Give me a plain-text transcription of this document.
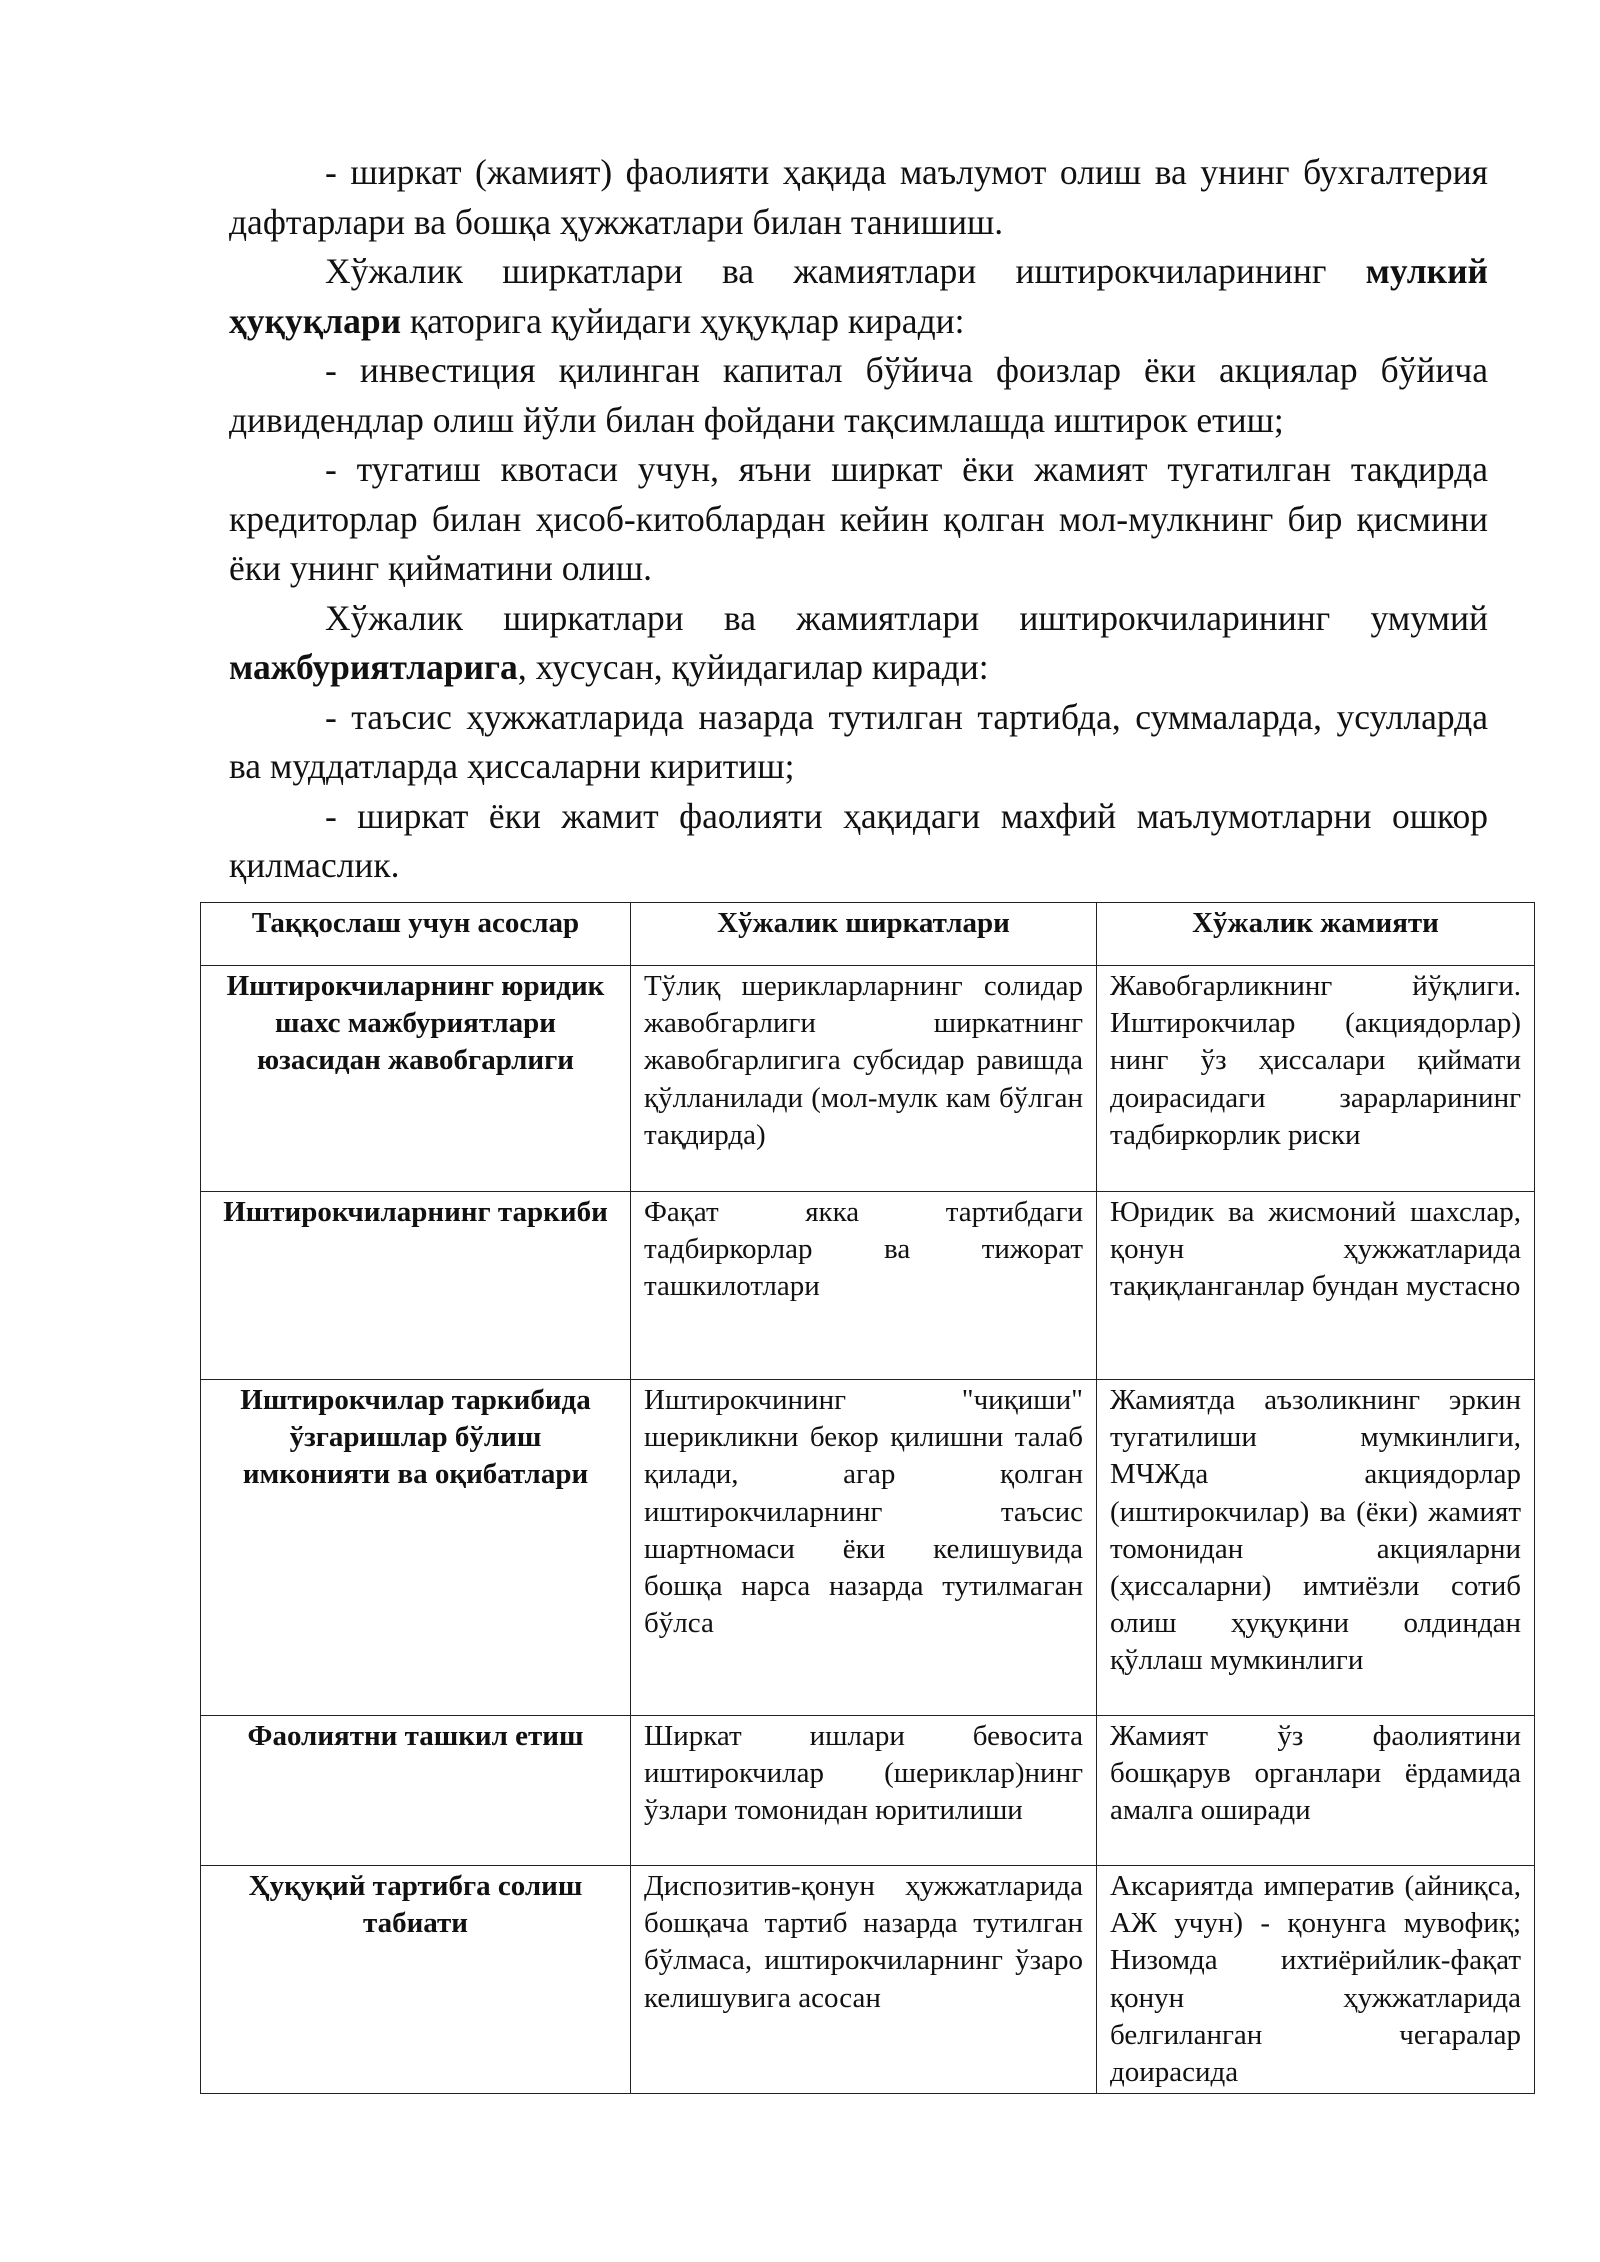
- ширкат (жамият) фаолияти ҳақида маълумот олиш ва унинг бухгалтерия дафтарлари ва бошқа ҳужжатлари билан танишиш.

Хўжалик ширкатлари ва жамиятлари иштирокчиларининг мулкий ҳуқуқлари қаторига қуйидаги ҳуқуқлар киради:

- инвестиция қилинган капитал бўйича фоизлар ёки акциялар бўйича дивидендлар олиш йўли билан фойдани тақсимлашда иштирок етиш;

- тугатиш квотаси учун, яъни ширкат ёки жамият тугатилган тақдирда кредиторлар билан ҳисоб-китоблардан кейин қолган мол-мулкнинг бир қисмини ёки унинг қийматини олиш.

Хўжалик ширкатлари ва жамиятлари иштирокчиларининг умумий мажбуриятларига, хусусан, қуйидагилар киради:

- таъсис ҳужжатларида назарда тутилган тартибда, суммаларда, усулларда ва муддатларда ҳиссаларни киритиш;

- ширкат ёки жамит фаолияти ҳақидаги махфий маълумотларни ошкор қилмаслик.

Таққослаш учун асослар	Хўжалик ширкатлари	Хўжалик жамияти
Иштирокчиларнинг юридик шахс мажбуриятлари юзасидан жавобгарлиги	Тўлиқ шерикларларнинг солидар жавобгарлиги ширкатнинг жавобгарлигига субсидар равишда қўлланилади (мол-мулк кам бўлган тақдирда)	Жавобгарликнинг йўқлиги. Иштирокчилар (акциядорлар) нинг ўз ҳиссалари қиймати доирасидаги зарарларининг тадбиркорлик риски
Иштирокчиларнинг таркиби	Фақат якка тартибдаги тадбиркорлар ва тижорат ташкилотлари	Юридик ва жисмоний шахслар, қонун ҳужжатларида тақиқланганлар бундан мустасно
Иштирокчилар таркибида ўзгаришлар бўлиш имконияти ва оқибатлари	Иштирокчининг "чиқиши" шерикликни бекор қилишни талаб қилади, агар қолган иштирокчиларнинг таъсис шартномаси ёки келишувида бошқа нарса назарда тутилмаган бўлса	Жамиятда аъзоликнинг эркин тугатилиши мумкинлиги, МЧЖда акциядорлар (иштирокчилар) ва (ёки) жамият томонидан акцияларни (ҳиссаларни) имтиёзли сотиб олиш ҳуқуқини олдиндан қўллаш мумкинлиги
Фаолиятни ташкил етиш	Ширкат ишлари бевосита иштирокчилар (шериклар)нинг ўзлари томонидан юритилиши	Жамият ўз фаолиятини бошқарув органлари ёрдамида амалга оширади
Ҳуқуқий тартибга солиш табиати	Диспозитив-қонун ҳужжатларида бошқача тартиб назарда тутилган бўлмаса, иштирокчиларнинг ўзаро келишувига асосан	Аксариятда императив (айниқса, АЖ учун) - қонунга мувофиқ; Низомда ихтиёрийлик-фақат қонун ҳужжатларида белгиланган чегаралар доирасида
